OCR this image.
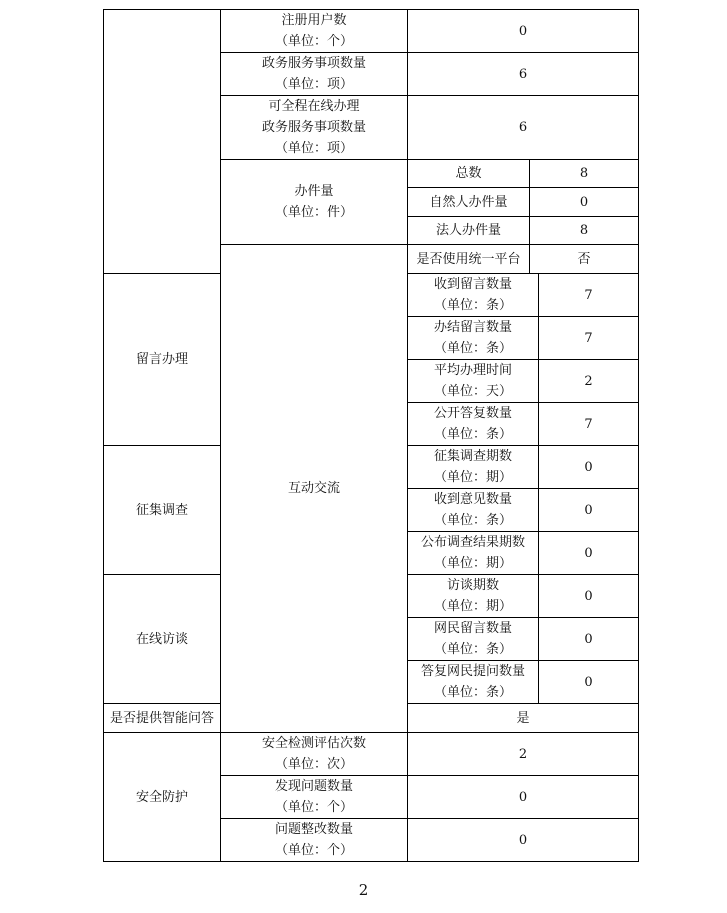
	注册用户数
（单位：个）	0		

	政务服务事项数量
（单位：项）	6		

	可全程在线办理
政务服务事项数量
（单位：项）	6		

	办件量
（单位：件）	总数	8	
		自然人办件量	0	
		法人办件量	8	
	互动交流	是否使用统一平台	否	
留言办理		收到留言数量
（单位：条）		7

		办结留言数量
（单位：条）		7

		平均办理时间
（单位：天）		2

		公开答复数量
（单位：条）		7
征集调查		征集调查期数
（单位：期）		0

		收到意见数量
（单位：条）		0

		公布调查结果期数
（单位：期）		0
在线访谈		访谈期数
（单位：期）		0

		网民留言数量
（单位：条）		0

		答复网民提问数量
（单位：条）		0
是否提供智能问答		是		
安全防护	安全检测评估次数
（单位：次）	2		

	发现问题数量
（单位：个）	0		

	问题整改数量
（单位：个）	0		
2
